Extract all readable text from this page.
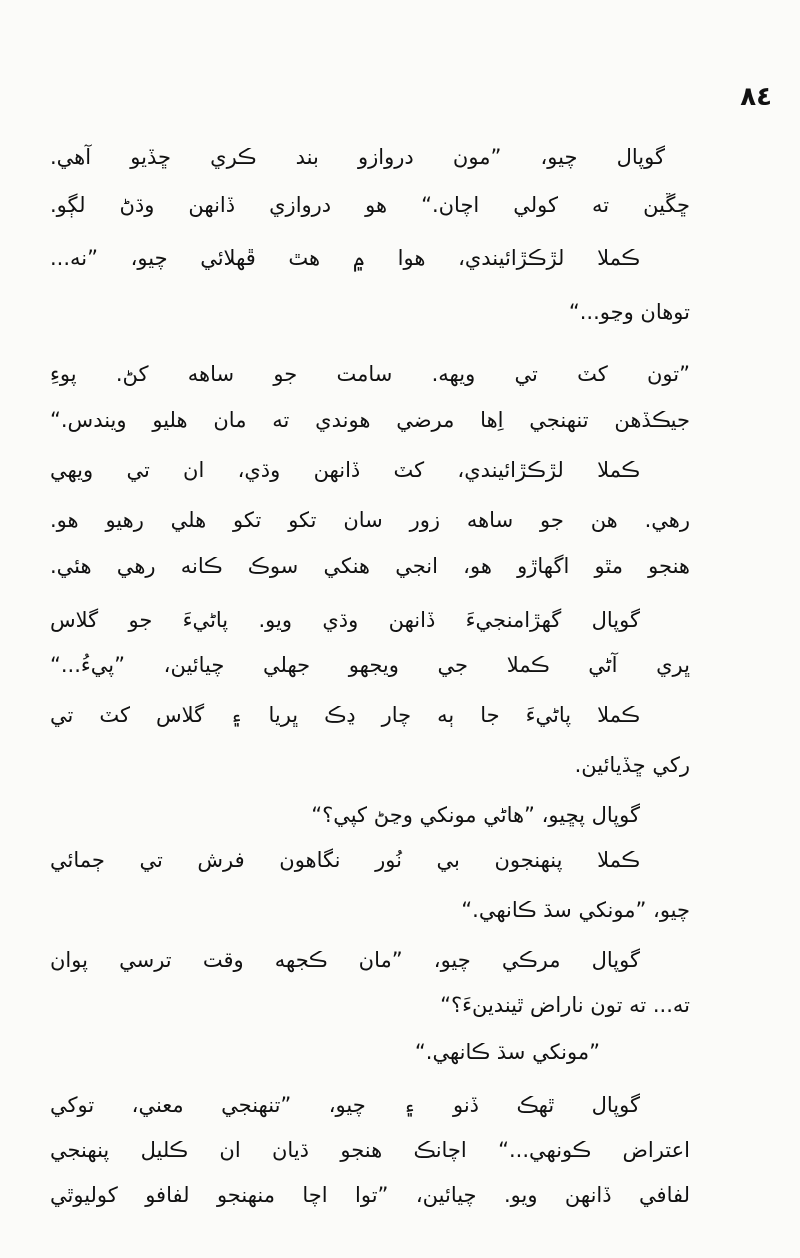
٨٤
گوپال چيو، ”مون دروازو بند ڪري ڇڏيو آهي.
ڇڱين ته کولي اچان.“ هو دروازي ڏانهن وڌڻ لڳو.
ڪملا لڙڪڙائيندي، هوا ۾ هٿ ڦهلائي چيو، ”نه...
توهان وڃو...“
”تون کٽ تي ويهه. سامت جو ساهه کڻ. پوءِ
جيڪڏهن تنهنجي اِها مرضي هوندي ته مان هليو ويندس.“
ڪملا لڙڪڙائيندي، کٽ ڏانهن وڌي، ان تي ويهي
رهي. هن جو ساهه زور سان تکو تکو هلي رهيو هو.
هنجو مٿو اگهاڙو هو، انجي هنکي سوڪ ڪانه رهي هئي.
گوپال گهڙامنجيءَ ڏانهن وڌي ويو. پاڻيءَ جو گلاس
ڀري آڻي ڪملا جي ويجهو جهلي چيائين، ”پيءُ...“
ڪملا پاڻيءَ جا ٻه چار ڍڪ ڀريا ۽ گلاس کٽ تي
رکي ڇڏيائين.
گوپال پڇيو، ”هاڻي مونکي وڃڻ کپي؟“
ڪملا پنهنجون بي نُور نگاهون فرش تي ڄمائي
چيو، ”مونکي سڌ ڪانهي.“
گوپال مرڪي چيو، ”مان ڪجهه وقت ترسي پوان
ته... ته تون ناراض ٿيندينءَ؟“
”مونکي سڌ ڪانهي.“
گوپال ٿهڪ ڏنو ۽ چيو، ”تنهنجي معني، توکي
اعتراض ڪونهي...“ اچانڪ هنجو ڌيان ان ڪليل پنهنجي
لفافي ڏانهن ويو. چيائين، ”توا اچا منهنجو لفافو کوليوٿي
